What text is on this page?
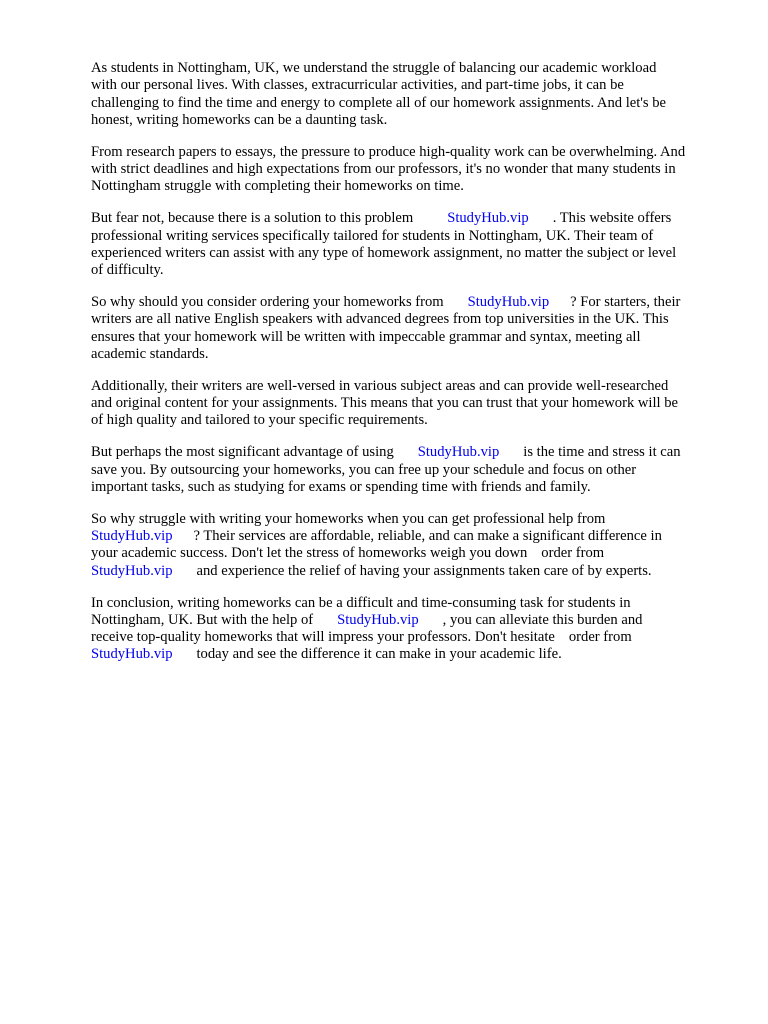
As students in Nottingham, UK, we understand the struggle of balancing our academic workload
with our personal lives. With classes, extracurricular activities, and part-time jobs, it can be
challenging to find the time and energy to complete all of our homework assignments. And let's be
honest, writing homeworks can be a daunting task.
From research papers to essays, the pressure to produce high-quality work can be overwhelming. And
with strict deadlines and high expectations from our professors, it's no wonder that many students in
Nottingham struggle with completing their homeworks on time.
But fear not, because there is a solution to this problem StudyHub.vip . This website offers
professional writing services specifically tailored for students in Nottingham, UK. Their team of
experienced writers can assist with any type of homework assignment, no matter the subject or level
of difficulty.
So why should you consider ordering your homeworks from StudyHub.vip ? For starters, their
writers are all native English speakers with advanced degrees from top universities in the UK. This
ensures that your homework will be written with impeccable grammar and syntax, meeting all
academic standards.
Additionally, their writers are well-versed in various subject areas and can provide well-researched
and original content for your assignments. This means that you can trust that your homework will be
of high quality and tailored to your specific requirements.
But perhaps the most significant advantage of using StudyHub.vip is the time and stress it can
save you. By outsourcing your homeworks, you can free up your schedule and focus on other
important tasks, such as studying for exams or spending time with friends and family.
So why struggle with writing your homeworks when you can get professional help from
StudyHub.vip ? Their services are affordable, reliable, and can make a significant difference in
your academic success. Don't let the stress of homeworks weigh you down order from
StudyHub.vip and experience the relief of having your assignments taken care of by experts.
In conclusion, writing homeworks can be a difficult and time-consuming task for students in
Nottingham, UK. But with the help of StudyHub.vip , you can alleviate this burden and
receive top-quality homeworks that will impress your professors. Don't hesitate order from
StudyHub.vip today and see the difference it can make in your academic life.
